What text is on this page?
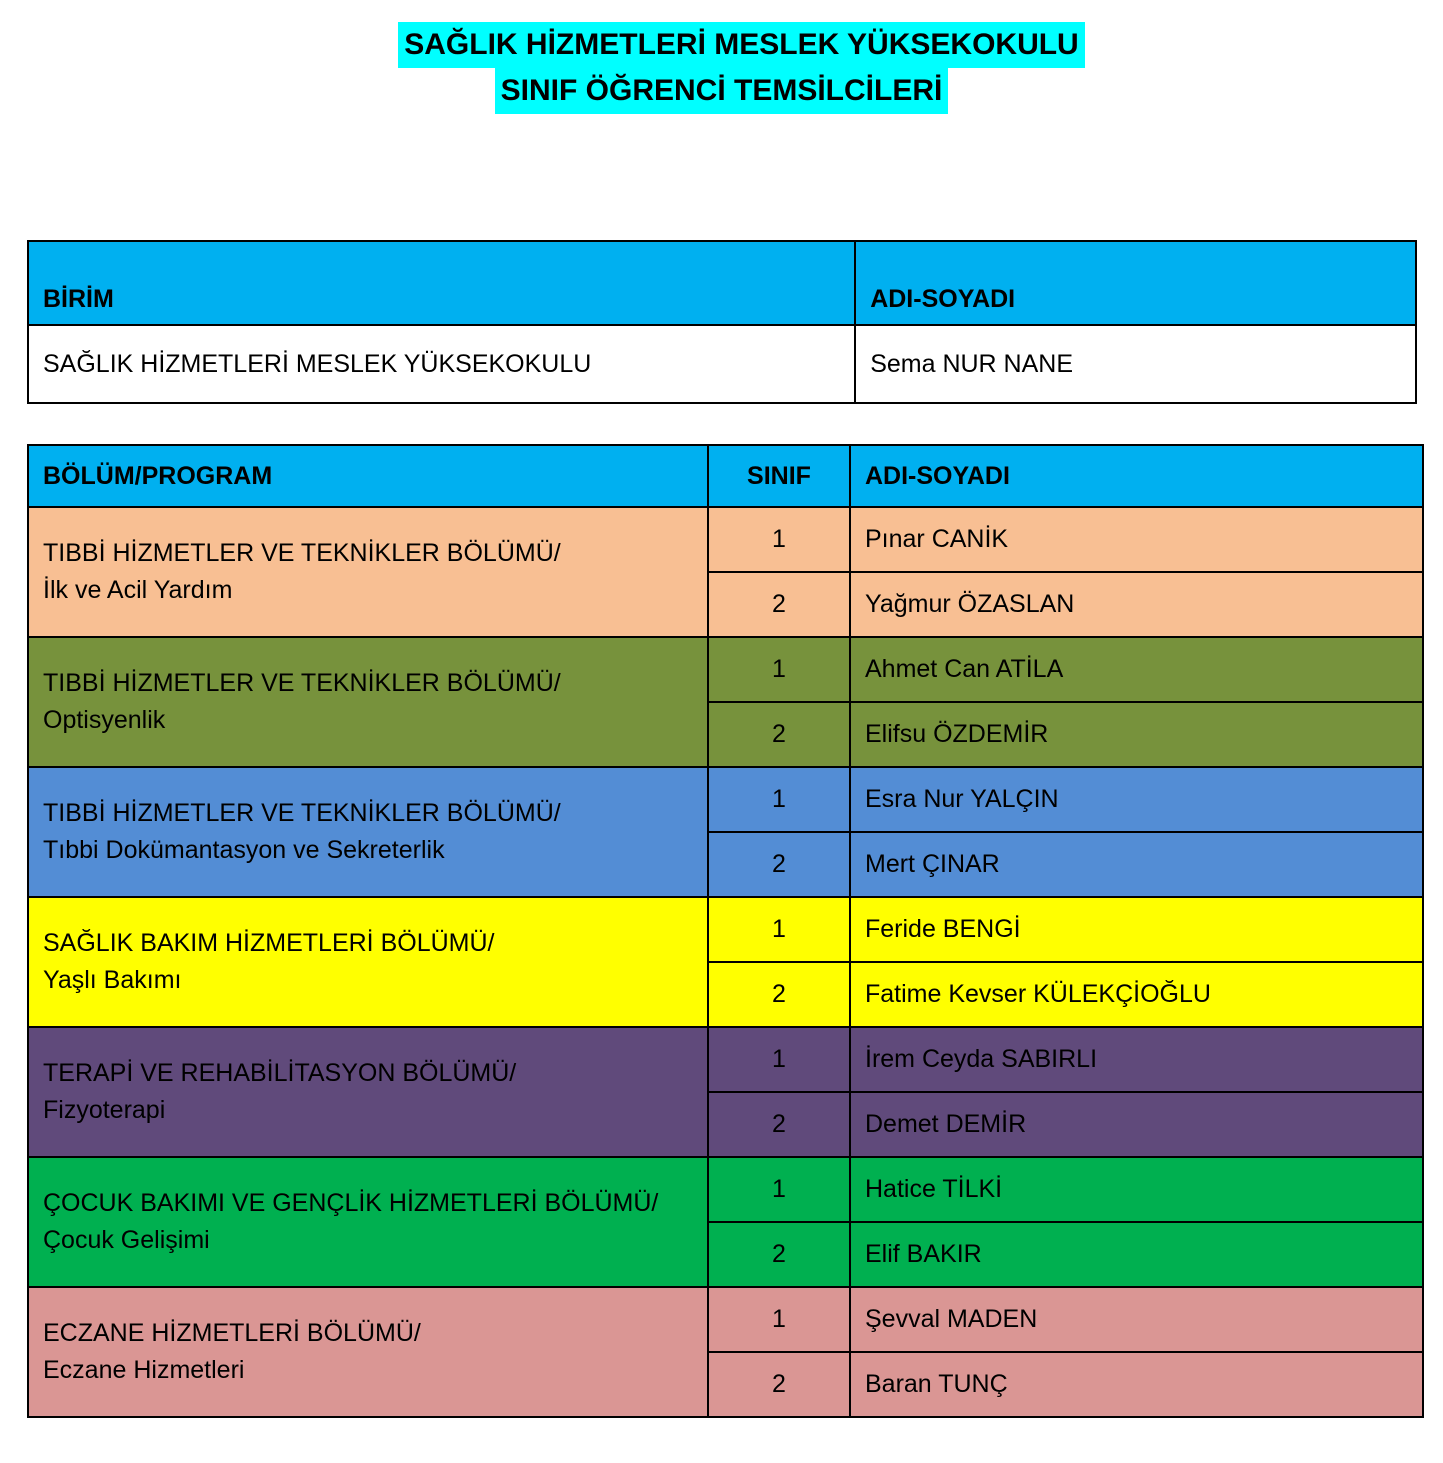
SAĞLIK HİZMETLERİ MESLEK YÜKSEKOKULU
SINIF ÖĞRENCİ TEMSİLCİLERİ
BİRİM	ADI-SOYADI
SAĞLIK HİZMETLERİ MESLEK YÜKSEKOKULU	Sema NUR NANE
BÖLÜM/PROGRAM	SINIF	ADI-SOYADI

TIBBİ HİZMETLER VE TEKNİKLER BÖLÜMÜ/
İlk ve Acil Yardım	1	Pınar CANİK
	2	Yağmur ÖZASLAN

TIBBİ HİZMETLER VE TEKNİKLER BÖLÜMÜ/
Optisyenlik	1	Ahmet Can ATİLA
	2	Elifsu ÖZDEMİR

TIBBİ HİZMETLER VE TEKNİKLER BÖLÜMÜ/
Tıbbi Dokümantasyon ve Sekreterlik	1	Esra Nur YALÇIN
	2	Mert ÇINAR

SAĞLIK BAKIM HİZMETLERİ BÖLÜMÜ/
Yaşlı Bakımı	1	Feride BENGİ
	2	Fatime Kevser KÜLEKÇİOĞLU

TERAPİ VE REHABİLİTASYON BÖLÜMÜ/
Fizyoterapi	1	İrem Ceyda SABIRLI
	2	Demet DEMİR

ÇOCUK BAKIMI VE GENÇLİK HİZMETLERİ BÖLÜMÜ/
Çocuk Gelişimi	1	Hatice TİLKİ
	2	Elif BAKIR

ECZANE HİZMETLERİ BÖLÜMÜ/
Eczane Hizmetleri	1	Şevval MADEN
	2	Baran TUNÇ
